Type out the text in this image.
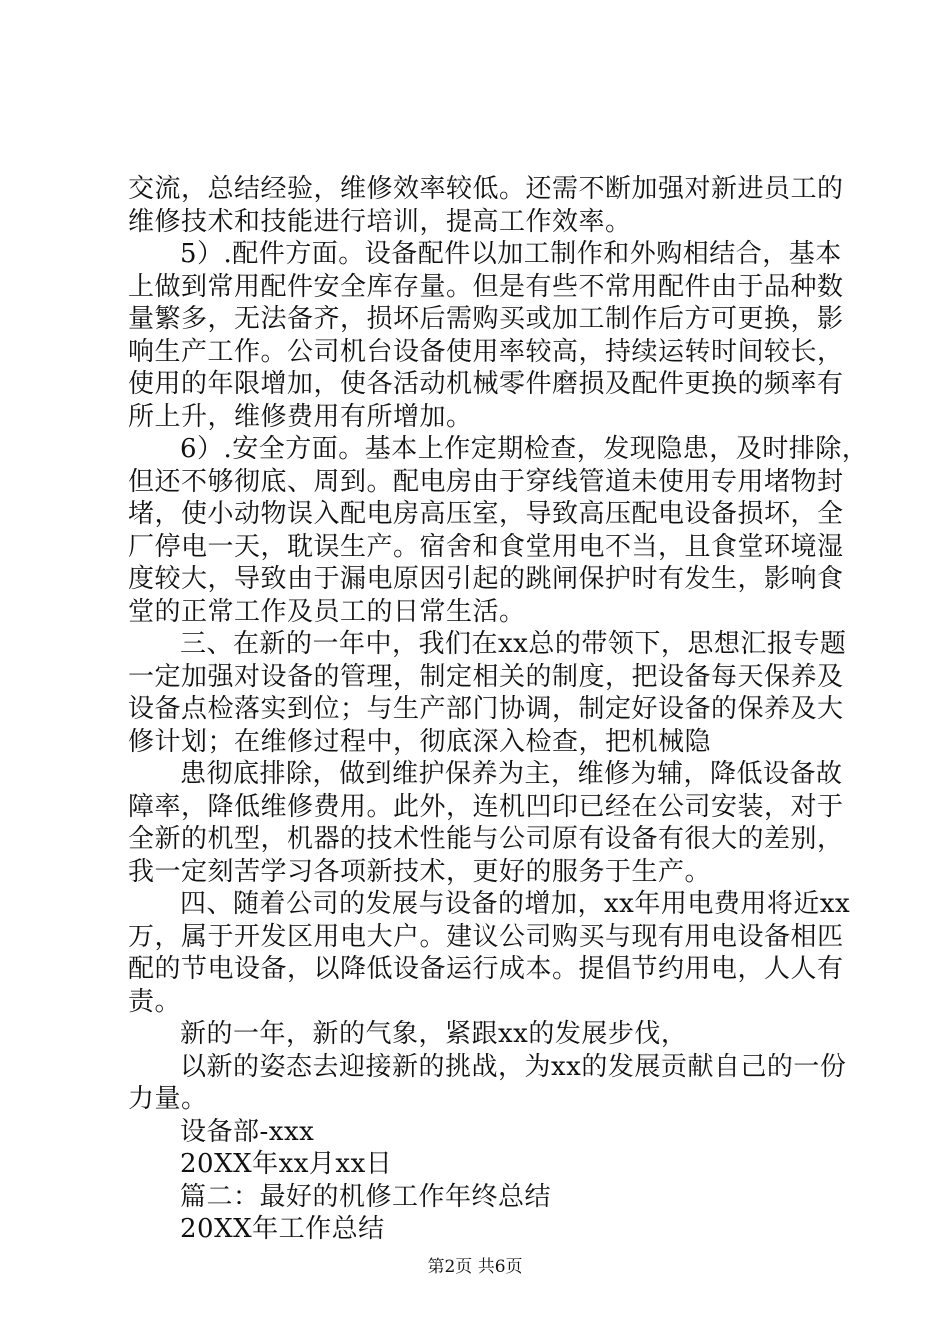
交流，总结经验，维修效率较低。还需不断加强对新进员工的
维修技术和技能进行培训，提高工作效率。
5）.配件方面。设备配件以加工制作和外购相结合，基本
上做到常用配件安全库存量。但是有些不常用配件由于品种数
量繁多，无法备齐，损坏后需购买或加工制作后方可更换，影
响生产工作。公司机台设备使用率较高，持续运转时间较长，
使用的年限增加，使各活动机械零件磨损及配件更换的频率有
所上升，维修费用有所增加。
6）.安全方面。基本上作定期检查，发现隐患，及时排除，
但还不够彻底、周到。配电房由于穿线管道未使用专用堵物封
堵，使小动物误入配电房高压室，导致高压配电设备损坏，全
厂停电一天，耽误生产。宿舍和食堂用电不当，且食堂环境湿
度较大，导致由于漏电原因引起的跳闸保护时有发生，影响食
堂的正常工作及员工的日常生活。
三、在新的一年中，我们在xx总的带领下，思想汇报专题
一定加强对设备的管理，制定相关的制度，把设备每天保养及
设备点检落实到位；与生产部门协调，制定好设备的保养及大
修计划；在维修过程中，彻底深入检查，把机械隐
患彻底排除，做到维护保养为主，维修为辅，降低设备故
障率，降低维修费用。此外，连机凹印已经在公司安装，对于
全新的机型，机器的技术性能与公司原有设备有很大的差别，
我一定刻苦学习各项新技术，更好的服务于生产。
四、随着公司的发展与设备的增加，xx年用电费用将近xx
万，属于开发区用电大户。建议公司购买与现有用电设备相匹
配的节电设备，以降低设备运行成本。提倡节约用电，人人有
责。
新的一年，新的气象，紧跟xx的发展步伐，
以新的姿态去迎接新的挑战，为xx的发展贡献自己的一份
力量。
设备部-xxx
20XX年xx月xx日
篇二：最好的机修工作年终总结
20XX年工作总结
第2页 共6页
